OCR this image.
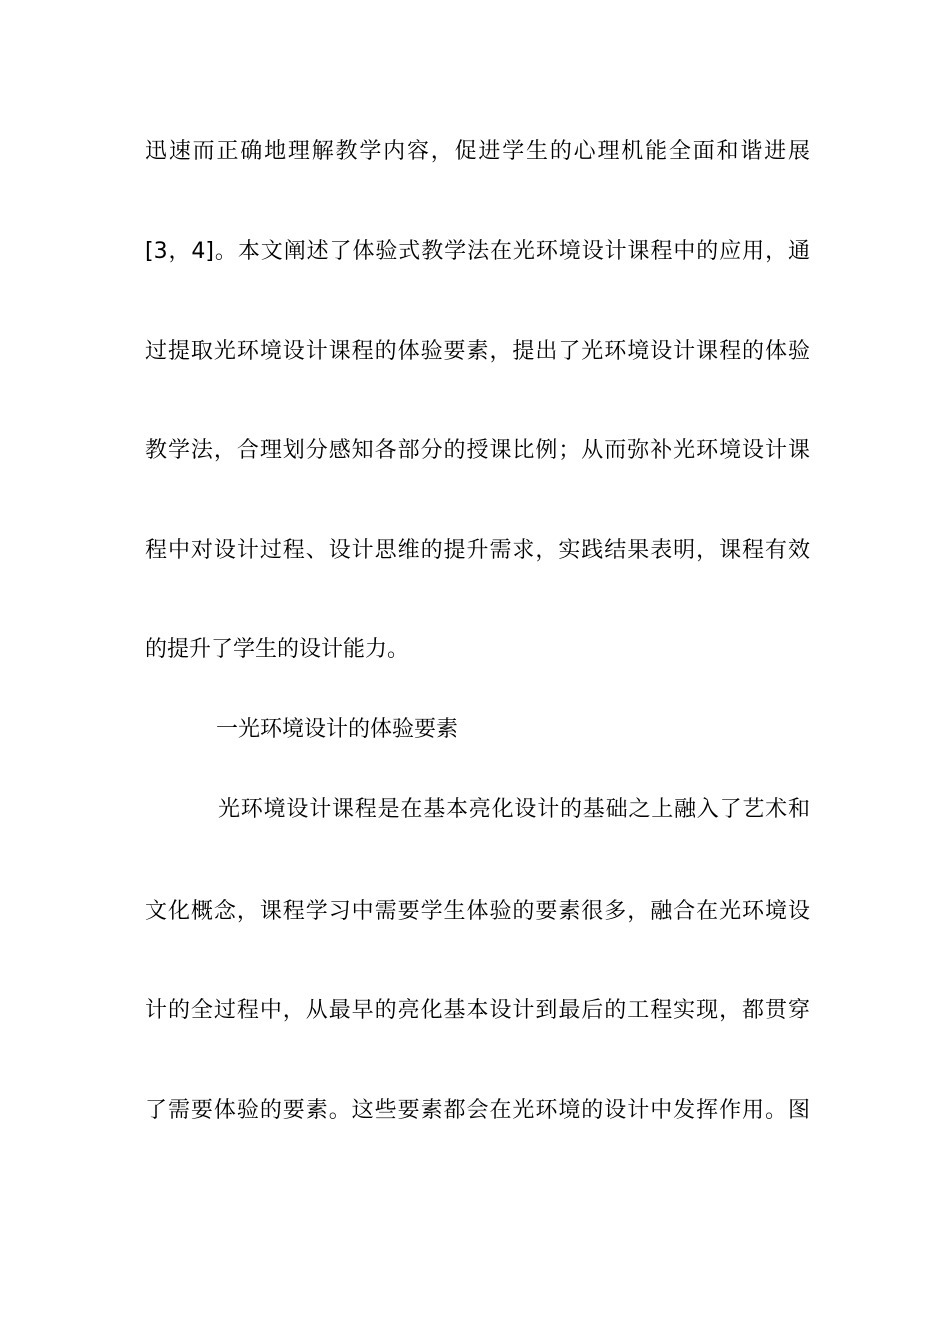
迅速而正确地理解教学内容，促进学生的心理机能全面和谐进展
[3，4]。本文阐述了体验式教学法在光环境设计课程中的应用，通
过提取光环境设计课程的体验要素，提出了光环境设计课程的体验
教学法，合理划分感知各部分的授课比例；从而弥补光环境设计课
程中对设计过程、设计思维的提升需求，实践结果表明，课程有效
的提升了学生的设计能力。
一光环境设计的体验要素
光环境设计课程是在基本亮化设计的基础之上融入了艺术和
文化概念，课程学习中需要学生体验的要素很多，融合在光环境设
计的全过程中，从最早的亮化基本设计到最后的工程实现，都贯穿
了需要体验的要素。这些要素都会在光环境的设计中发挥作用。图
